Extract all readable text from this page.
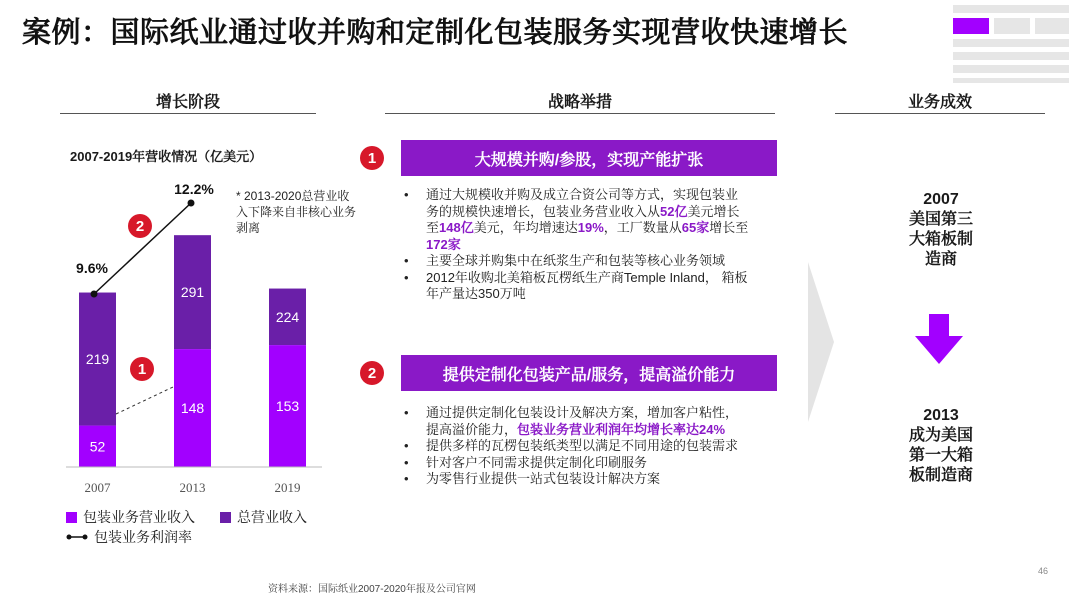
案例：国际纸业通过收并购和定制化包装服务实现营收快速增长
增长阶段	战略举措	业务成效
2007-2019年营收情况（亿美元）
* 2013-2020总营业收入下降来自非核心业务剥离
219
52
2007
291
148
2013
224
153
2019
9.6%
12.2%
2
1
包装业务营业收入	总营业收入
包装业务利润率
1	大规模并购/参股，实现产能扩张
• 通过大规模收并购及成立合资公司等方式，实现包装业务的规模快速增长，包装业务营业收入从52亿美元增长至148亿美元，年均增速达19%，工厂数量从65家增长至172家
• 主要全球并购集中在纸浆生产和包装等核心业务领域
• 2012年收购北美箱板瓦楞纸生产商Temple Inland， 箱板年产量达350万吨
2	提供定制化包装产品/服务，提高溢价能力
• 通过提供定制化包装设计及解决方案，增加客户粘性，提高溢价能力，包装业务营业利润年均增长率达24%
• 提供多样的瓦楞包装纸类型以满足不同用途的包装需求
• 针对客户不同需求提供定制化印刷服务
• 为零售行业提供一站式包装设计解决方案
2007
美国第三大箱板制造商
2013
成为美国第一大箱板制造商
资料来源：国际纸业2007-2020年报及公司官网
46
